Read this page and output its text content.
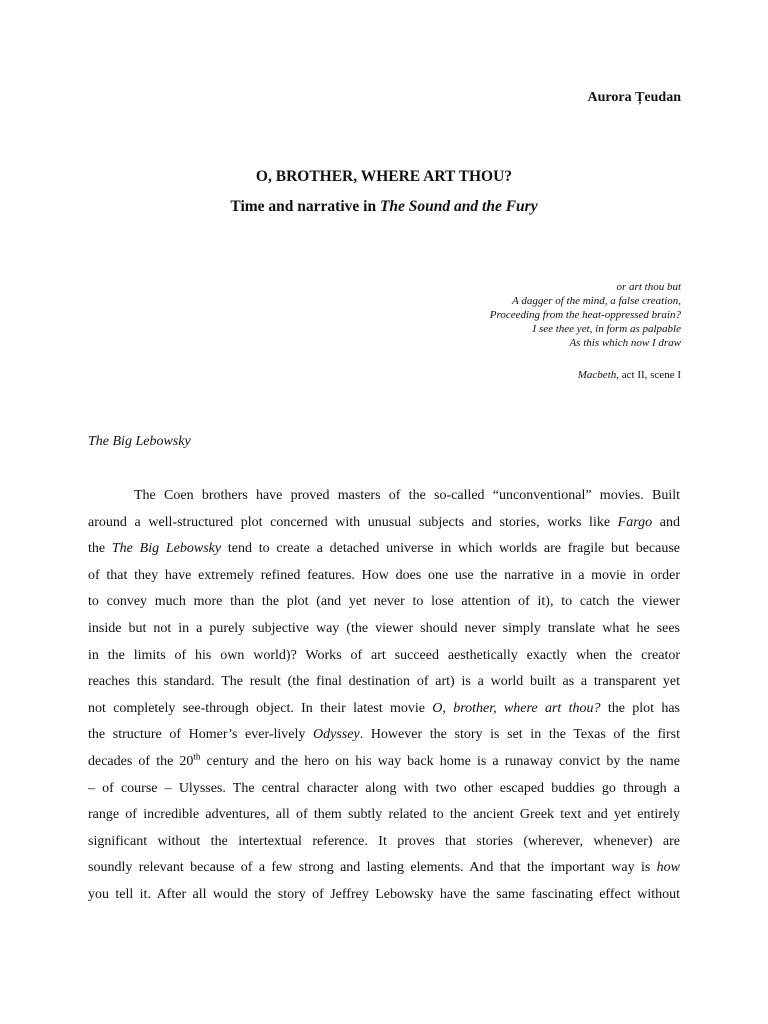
Aurora Țeudan
O, BROTHER, WHERE ART THOU?
Time and narrative in The Sound and the Fury
or art thou but
A dagger of the mind, a false creation,
Proceeding from the heat-oppressed brain?
I see thee yet, in form as palpable
As this which now I draw
Macbeth, act II, scene I
The Big Lebowsky
The Coen brothers have proved masters of the so-called “unconventional” movies. Built
around a well-structured plot concerned with unusual subjects and stories, works like Fargo and
the The Big Lebowsky tend to create a detached universe in which worlds are fragile but because
of that they have extremely refined features. How does one use the narrative in a movie in order
to convey much more than the plot (and yet never to lose attention of it), to catch the viewer
inside but not in a purely subjective way (the viewer should never simply translate what he sees
in the limits of his own world)? Works of art succeed aesthetically exactly when the creator
reaches this standard. The result (the final destination of art) is a world built as a transparent yet
not completely see-through object. In their latest movie O, brother, where art thou? the plot has
the structure of Homer’s ever-lively Odyssey. However the story is set in the Texas of the first
decades of the 20th century and the hero on his way back home is a runaway convict by the name
– of course – Ulysses. The central character along with two other escaped buddies go through a
range of incredible adventures, all of them subtly related to the ancient Greek text and yet entirely
significant without the intertextual reference. It proves that stories (wherever, whenever) are
soundly relevant because of a few strong and lasting elements. And that the important way is how
you tell it. After all would the story of Jeffrey Lebowsky have the same fascinating effect without
